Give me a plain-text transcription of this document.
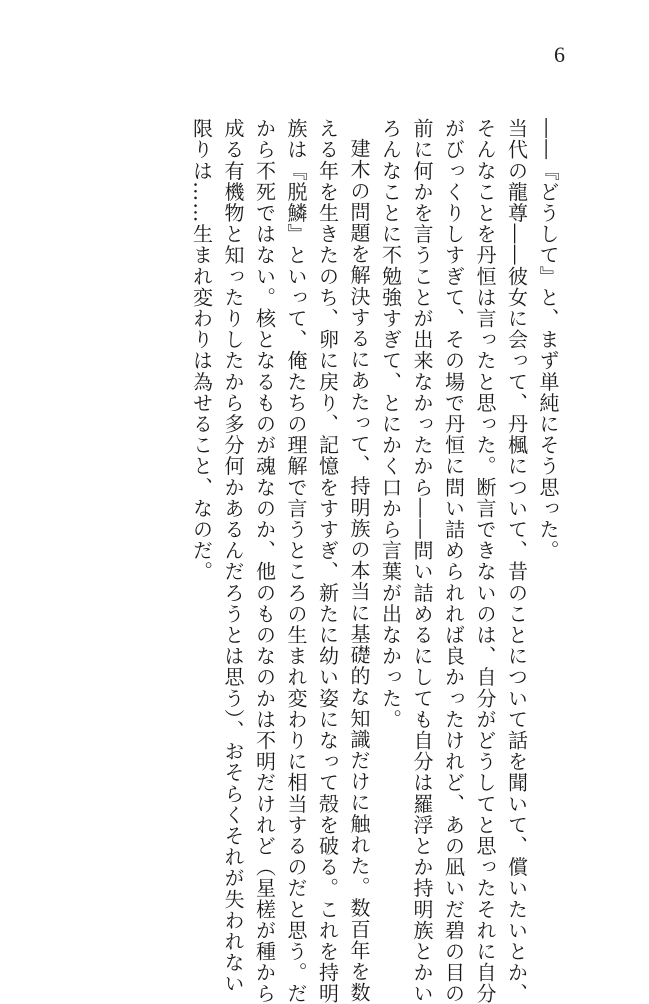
6
――『どうして』と、まず単純にそう思った。
当代の龍尊――彼女に会って、丹楓について、昔のことについて話を聞いて、償いたいとか、
そんなことを丹恒は言ったと思った。断言できないのは、自分がどうしてと思ったそれに自分
がびっくりしすぎて、その場で丹恒に問い詰められれば良かったけれど、あの凪いだ碧の目の
前に何かを言うことが出来なかったから――問い詰めるにしても自分は羅浮とか持明族とかい
ろんなことに不勉強すぎて、とにかく口から言葉が出なかった。
建木の問題を解決するにあたって、持明族の本当に基礎的な知識だけに触れた。数百年を数
える年を生きたのち、卵に戻り、記憶をすすぎ、新たに幼い姿になって殻を破る。これを持明
族は『脱鱗』といって、俺たちの理解で言うところの生まれ変わりに相当するのだと思う。だ
から不死ではない。核となるものが魂なのか、他のものなのかは不明だけれど（星槎が種から
成る有機物と知ったりしたから多分何かあるんだろうとは思う）、おそらくそれが失われない
限りは……生まれ変わりは為せること、なのだ。
